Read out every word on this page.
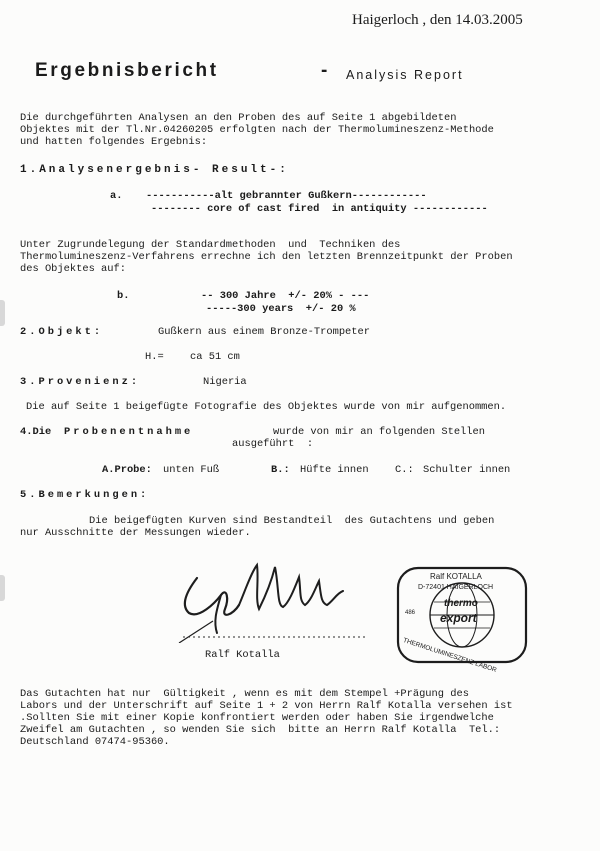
Haigerloch , den 14.03.2005
Ergebnisbericht	- Analysis Report
Die durchgeführten Analysen an den Proben des auf Seite 1 abgebildeten
Objektes mit der Tl.Nr.04260205 erfolgten nach der Thermolumineszenz-Methode
und hatten folgendes Ergebnis:
1.Analysenergebnis- Result-:
a. -----------alt gebrannter Gußkern------------
-------- core of cast fired  in antiquity ------------
Unter Zugrundelegung der Standardmethoden  und  Techniken des
Thermolumineszenz-Verfahrens errechne ich den letzten Brennzeitpunkt der Proben
des Objektes auf:
b.	-- 300 Jahre  +/- 20% - ---
-----300 years  +/- 20 %
2.Objekt:	Gußkern aus einem Bronze-Trompeter
H.=	ca 51 cm
3.Provenienz:	Nigeria
Die auf Seite 1 beigefügte Fotografie des Objektes wurde von mir aufgenommen.
4.Die Probenentnahme	wurde von mir an folgenden Stellen
ausgeführt  :
A.Probe: unten Fuß	B.: Hüfte innen	C.: Schulter innen
5.Bemerkungen:
Die beigefügten Kurven sind Bestandteil  des Gutachtens und geben
nur Ausschnitte der Messungen wieder.
Ralf Kotalla
Ralf KOTALLA
D-72401 HAIGERLOCH
486
thermo
export
THERMOLUMINESZENZ LABOR
Das Gutachten hat nur  Gültigkeit , wenn es mit dem Stempel +Prägung des
Labors und der Unterschrift auf Seite 1 + 2 von Herrn Ralf Kotalla versehen ist
.Sollten Sie mit einer Kopie konfrontiert werden oder haben Sie irgendwelche
Zweifel am Gutachten , so wenden Sie sich  bitte an Herrn Ralf Kotalla  Tel.:
Deutschland 07474-95360.
